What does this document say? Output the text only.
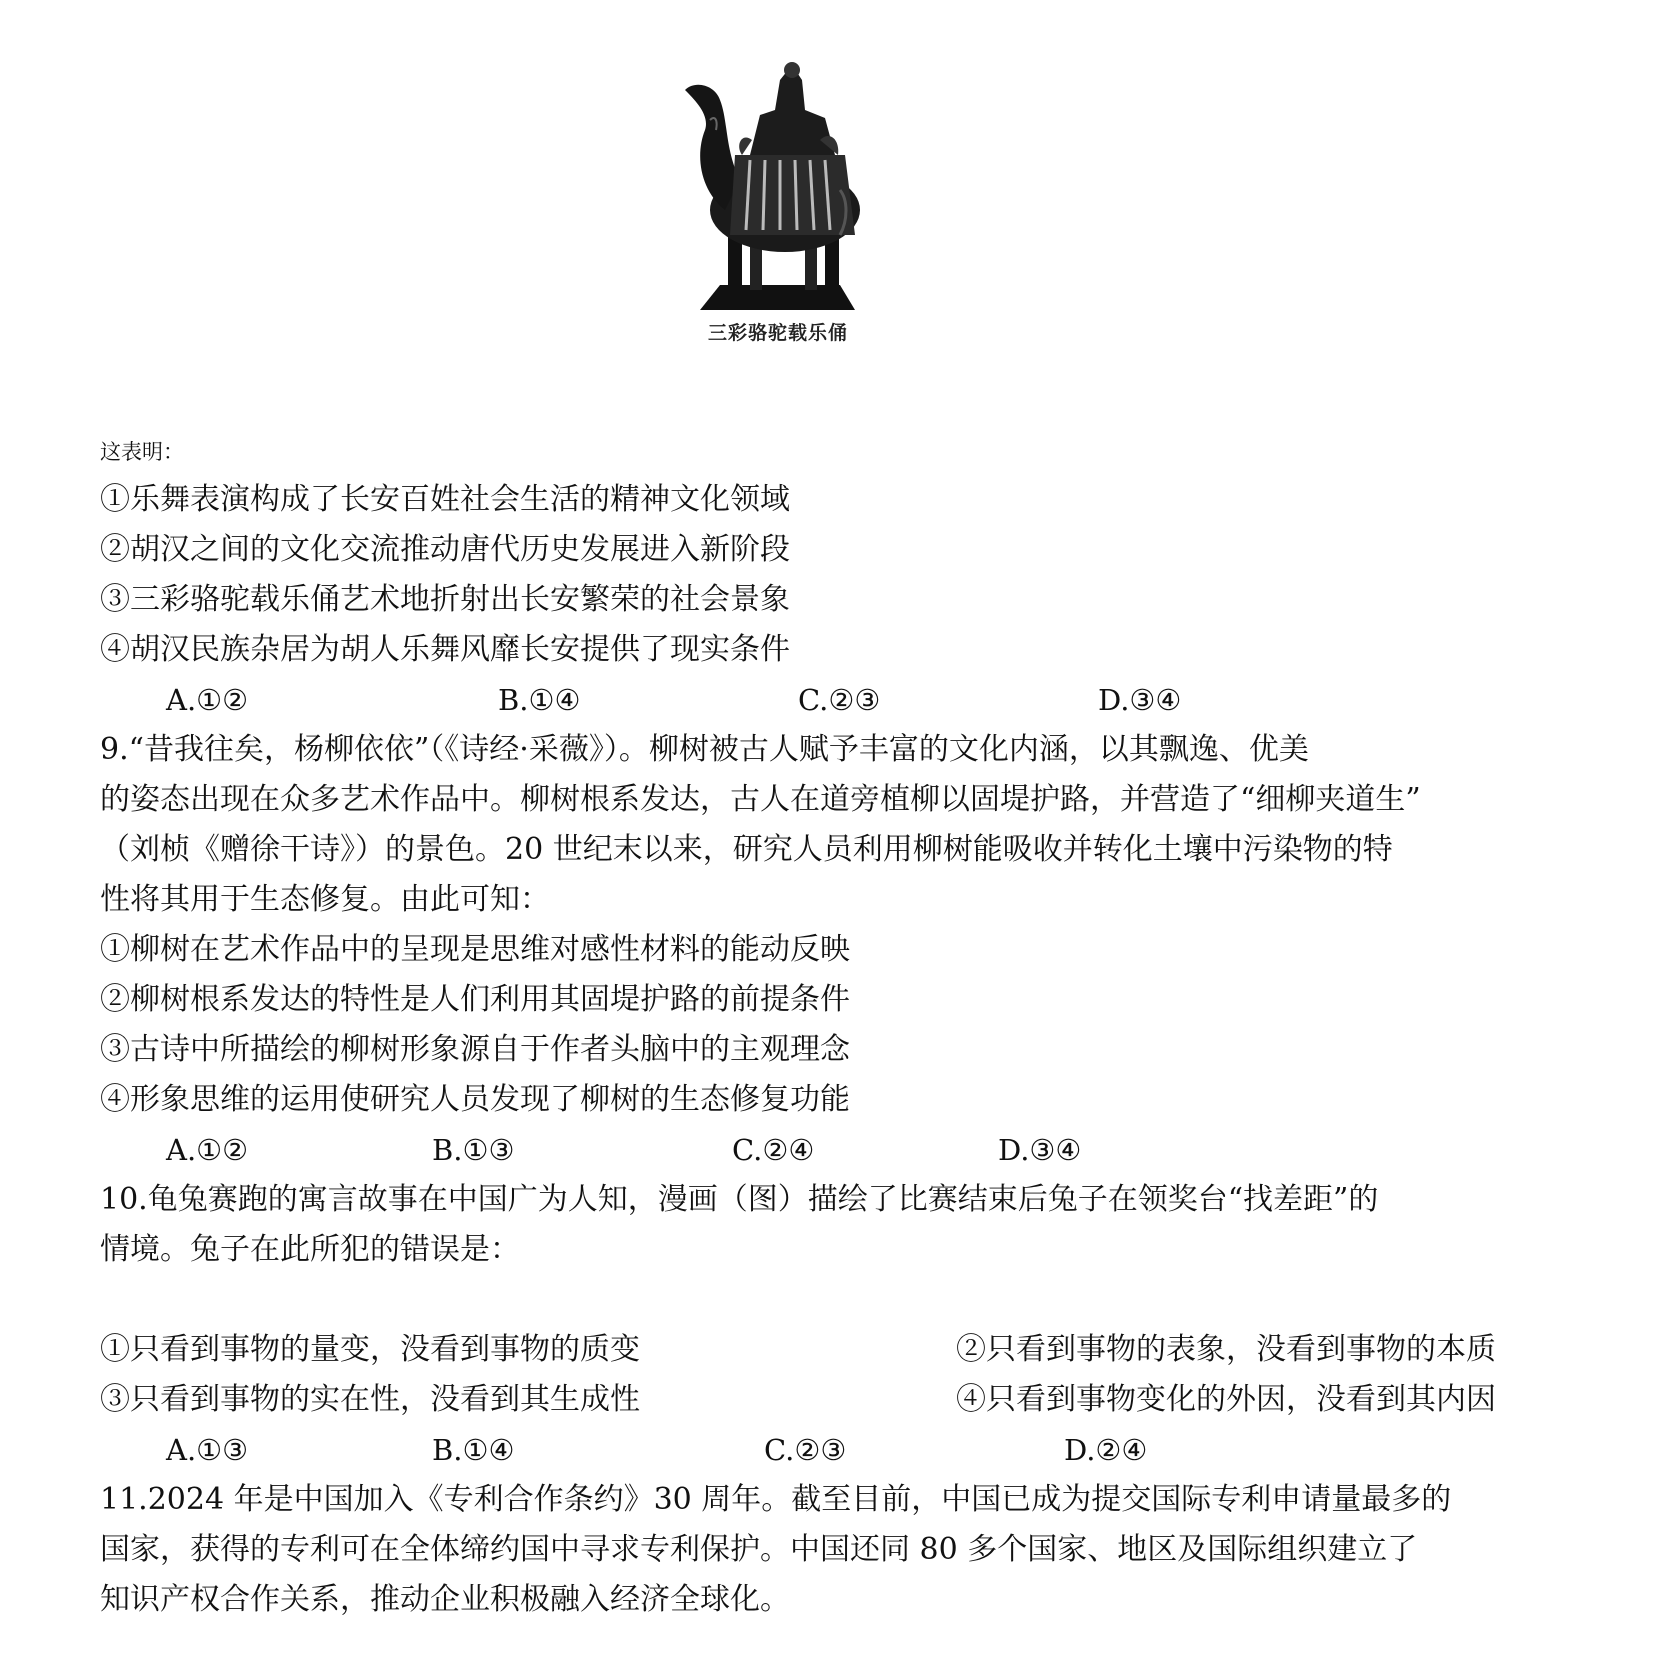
三彩骆驼载乐俑
这表明：
①乐舞表演构成了长安百姓社会生活的精神文化领域
②胡汉之间的文化交流推动唐代历史发展进入新阶段
③三彩骆驼载乐俑艺术地折射出长安繁荣的社会景象
④胡汉民族杂居为胡人乐舞风靡长安提供了现实条件
A.①②	B.①④	C.②③	D.③④
9.“昔我往矣，杨柳依依”（《诗经·采薇》）。柳树被古人赋予丰富的文化内涵，以其飘逸、优美
的姿态出现在众多艺术作品中。柳树根系发达，古人在道旁植柳以固堤护路，并营造了“细柳夹道生”
（刘桢《赠徐干诗》）的景色。20 世纪末以来，研究人员利用柳树能吸收并转化土壤中污染物的特
性将其用于生态修复。由此可知：
①柳树在艺术作品中的呈现是思维对感性材料的能动反映
②柳树根系发达的特性是人们利用其固堤护路的前提条件
③古诗中所描绘的柳树形象源自于作者头脑中的主观理念
④形象思维的运用使研究人员发现了柳树的生态修复功能
A.①②	B.①③	C.②④	D.③④
10.龟兔赛跑的寓言故事在中国广为人知，漫画（图）描绘了比赛结束后兔子在领奖台“找差距”的
情境。兔子在此所犯的错误是：
①只看到事物的量变，没看到事物的质变	②只看到事物的表象，没看到事物的本质
③只看到事物的实在性，没看到其生成性	④只看到事物变化的外因，没看到其内因
A.①③	B.①④	C.②③	D.②④
11.2024 年是中国加入《专利合作条约》30 周年。截至目前，中国已成为提交国际专利申请量最多的
国家，获得的专利可在全体缔约国中寻求专利保护。中国还同 80 多个国家、地区及国际组织建立了
知识产权合作关系，推动企业积极融入经济全球化。
